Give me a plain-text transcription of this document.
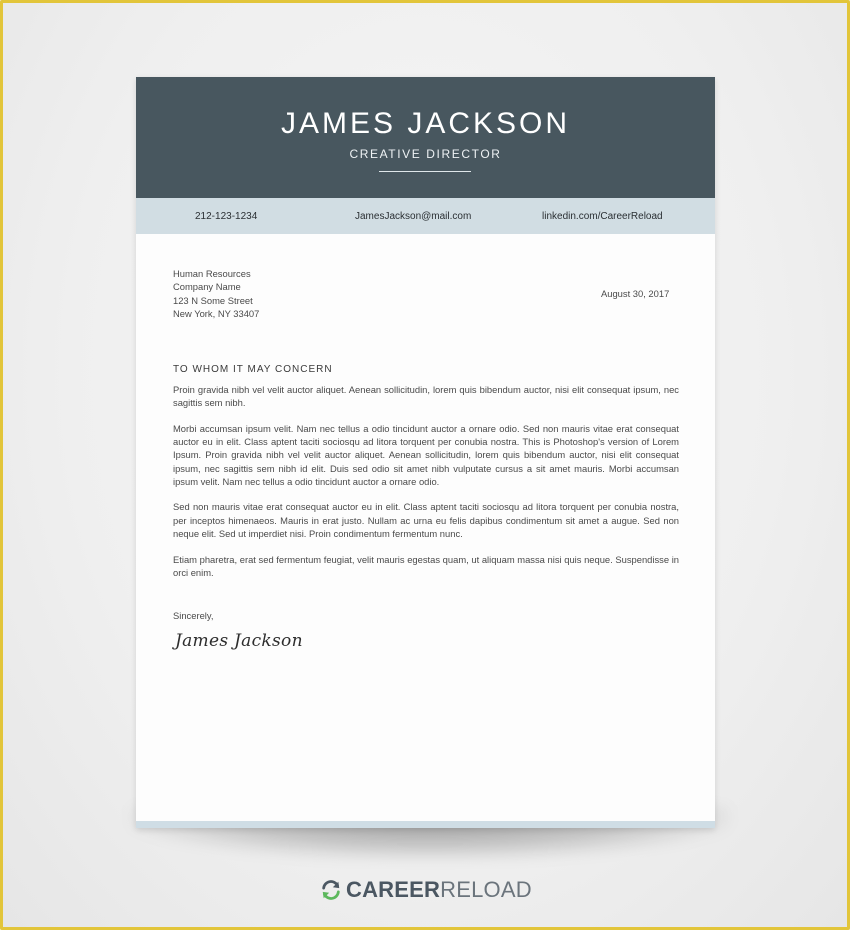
JAMES JACKSON
CREATIVE DIRECTOR
212-123-1234	JamesJackson@mail.com	linkedin.com/CareerReload
Human Resources
Company Name
123 N Some Street
New York, NY 33407
August 30, 2017
TO WHOM IT MAY CONCERN

Proin gravida nibh vel velit auctor aliquet. Aenean sollicitudin, lorem quis bibendum auctor, nisi elit consequat ipsum, nec sagittis sem nibh.

Morbi accumsan ipsum velit. Nam nec tellus a odio tincidunt auctor a ornare odio. Sed non mauris vitae erat consequat auctor eu in elit. Class aptent taciti sociosqu ad litora torquent per conubia nostra. This is Photoshop's version of Lorem Ipsum. Proin gravida nibh vel velit auctor aliquet. Aenean sollicitudin, lorem quis bibendum auctor, nisi elit consequat ipsum, nec sagittis sem nibh id elit. Duis sed odio sit amet nibh vulputate cursus a sit amet mauris. Morbi accumsan ipsum velit. Nam nec tellus a odio tincidunt auctor a ornare odio.

Sed non mauris vitae erat consequat auctor eu in elit. Class aptent taciti sociosqu ad litora torquent per conubia nostra, per inceptos himenaeos. Mauris in erat justo. Nullam ac urna eu felis dapibus condimentum sit amet a augue. Sed non neque elit. Sed ut imperdiet nisi. Proin condimentum fermentum nunc.

Etiam pharetra, erat sed fermentum feugiat, velit mauris egestas quam, ut aliquam massa nisi quis neque. Suspendisse in orci enim.

Sincerely,
James Jackson
CAREER RELOAD
